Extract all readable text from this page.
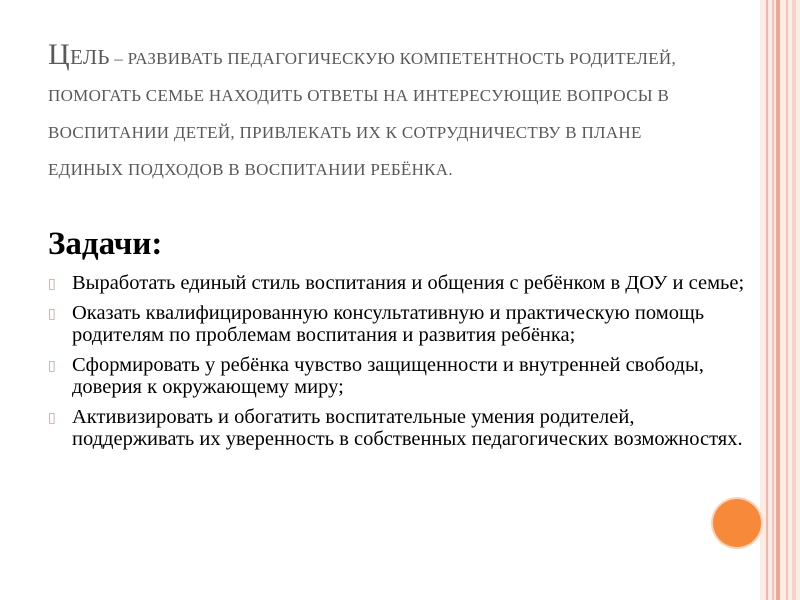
Цель – РАЗВИВАТЬ ПЕДАГОГИЧЕСКУЮ КОМПЕТЕНТНОСТЬ РОДИТЕЛЕЙ, ПОМОГАТЬ СЕМЬЕ НАХОДИТЬ ОТВЕТЫ НА ИНТЕРЕСУЮЩИЕ ВОПРОСЫ В ВОСПИТАНИИ ДЕТЕЙ, ПРИВЛЕКАТЬ ИХ К СОТРУДНИЧЕСТВУ В ПЛАНЕ ЕДИНЫХ ПОДХОДОВ В ВОСПИТАНИИ РЕБЁНКА.
Задачи:
▯ Выработать единый стиль воспитания и общения с ребёнком в ДОУ и семье;
▯ Оказать квалифицированную консультативную и практическую помощь родителям по проблемам воспитания и развития ребёнка;
▯ Сформировать у ребёнка чувство защищенности и внутренней свободы, доверия к окружающему миру;
▯ Активизировать и обогатить воспитательные умения родителей, поддерживать их уверенность в собственных педагогических возможностях.
